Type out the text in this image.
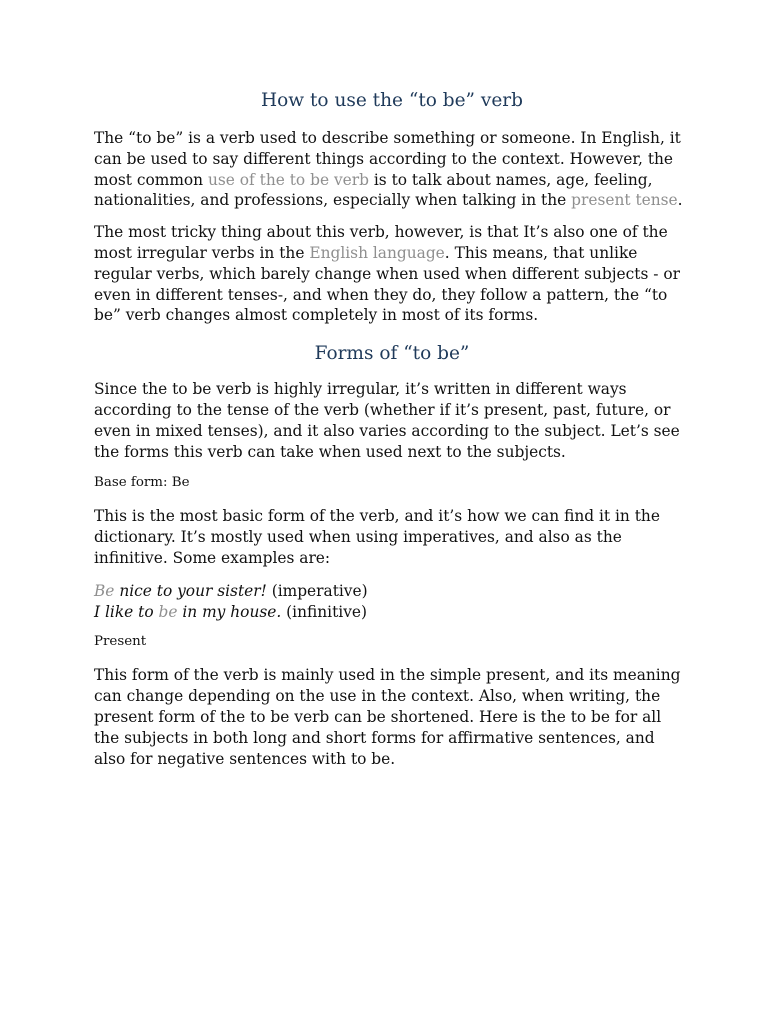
How to use the “to be” verb

The “to be” is a verb used to describe something or someone. In English, it can be used to say different things according to the context. However, the most common use of the to be verb is to talk about names, age, feeling, nationalities, and professions, especially when talking in the present tense.

The most tricky thing about this verb, however, is that It’s also one of the most irregular verbs in the English language. This means, that unlike regular verbs, which barely change when used when different subjects - or even in different tenses-, and when they do, they follow a pattern, the “to be” verb changes almost completely in most of its forms.

Forms of “to be”

Since the to be verb is highly irregular, it’s written in different ways according to the tense of the verb (whether if it’s present, past, future, or even in mixed tenses), and it also varies according to the subject. Let’s see the forms this verb can take when used next to the subjects.

Base form: Be

This is the most basic form of the verb, and it’s how we can find it in the dictionary. It’s mostly used when using imperatives, and also as the infinitive. Some examples are:

Be nice to your sister! (imperative)

I like to be in my house. (infinitive)

Present

This form of the verb is mainly used in the simple present, and its meaning can change depending on the use in the context. Also, when writing, the present form of the to be verb can be shortened. Here is the to be for all the subjects in both long and short forms for affirmative sentences, and also for negative sentences with to be.
